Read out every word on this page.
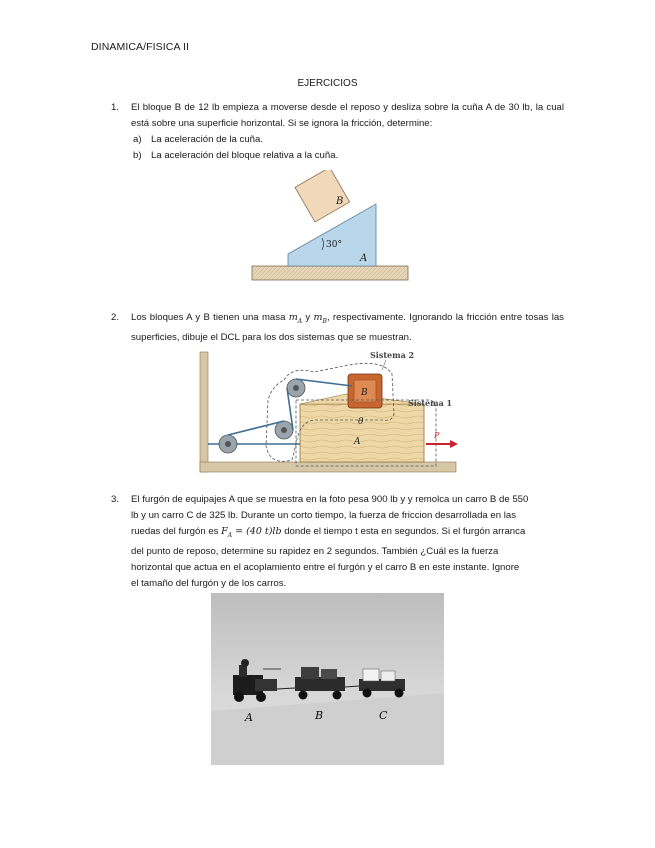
DINAMICA/FISICA II
EJERCICIOS
1. El bloque B de 12 lb empieza a moverse desde el reposo y desliza sobre la cuña A de 30 lb, la cual está sobre una superficie horizontal. Si se ignora la fricción, determine:
a) La aceleración de la cuña.
b) La aceleración del bloque relativa a la cuña.
B
A
30°
2. Los bloques A y B tienen una masa $m_A$ y $m_B$, respectivamente. Ignorando la fricción entre tosas las superficies, dibuje el DCL para los dos sistemas que se muestran.
B
Sistema 2
Sistema 1
θ
A
P
3. El furgón de equipajes A que se muestra en la foto pesa 900 lb y y remolca un carro B de 550
lb y un carro C de 325 lb. Durante un corto tiempo, la fuerza de friccion desarrollada en las
ruedas del furgón es $F_A = (40$ t)lb donde el tiempo t esta en segundos. Si el furgón arranca
del punto de reposo, determine su rapidez en 2 segundos. También ¿Cuál es la fuerza
horizontal que actua en el acoplamiento entre el furgón y el carro B en este instante. Ignore
el tamaño del furgón y de los carros.
A	B	C
